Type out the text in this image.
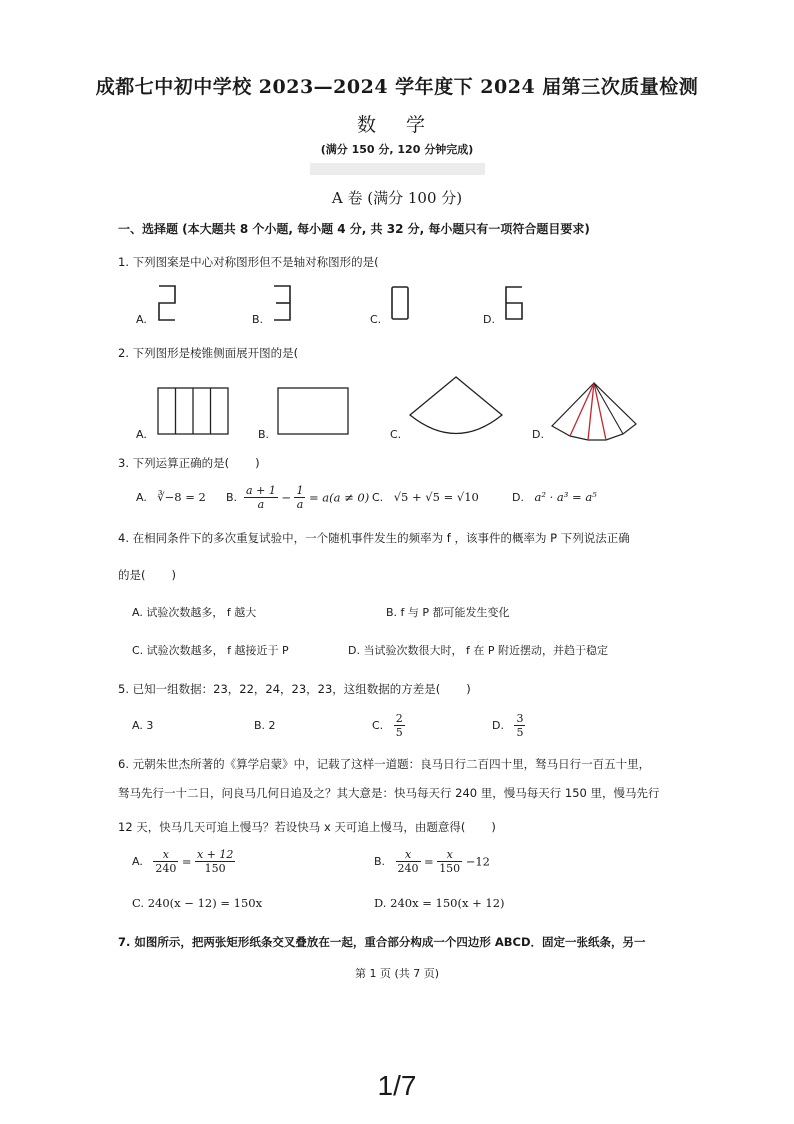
成都七中初中学校 2023—2024 学年度下 2024 届第三次质量检测
数 学
(满分 150 分, 120 分钟完成)
A 卷 (满分 100 分)
一、选择题 (本大题共 8 个小题, 每小题 4 分, 共 32 分, 每小题只有一项符合题目要求)
1. 下列图案是中心对称图形但不是轴对称图形的是(
A.	B.	C.	D.
2. 下列图形是棱锥侧面展开图的是(
A.	B.	C.	D.
3. 下列运算正确的是( )
A. ∛−8 = 2 B. $\frac{a + 1}{a} - \frac{1}{a} = a(a \ne 0)$ C. √5 + √5 = √10	D. a² · a³ = a⁵
4. 在相同条件下的多次重复试验中，一个随机事件发生的频率为 f ，该事件的概率为 P 下列说法正确
的是( )
A. 试验次数越多， f 越大	B. f 与 P 都可能发生变化
C. 试验次数越多， f 越接近于 P	D. 当试验次数很大时， f 在 P 附近摆动，并趋于稳定
5. 已知一组数据：23，22，24，23，23，这组数据的方差是( )
A. 3	B. 2	C. $\frac{2}{5}$	D. $\frac{3}{5}$
6. 元朝朱世杰所著的《算学启蒙》中，记载了这样一道题：良马日行二百四十里，驽马日行一百五十里，
驽马先行一十二日，问良马几何日追及之？其大意是：快马每天行 240 里，慢马每天行 150 里，慢马先行
12 天，快马几天可追上慢马？若设快马 x 天可追上慢马，由题意得( )
A. $\frac{x}{240} = \frac{x + 12}{150}$	B. $\frac{x}{240} = \frac{x}{150} -12$
C. 240(x − 12) = 150x	D. 240x = 150(x + 12)
7. 如图所示，把两张矩形纸条交叉叠放在一起，重合部分构成一个四边形 ABCD．固定一张纸条，另一
第 1 页 (共 7 页)
1/7
